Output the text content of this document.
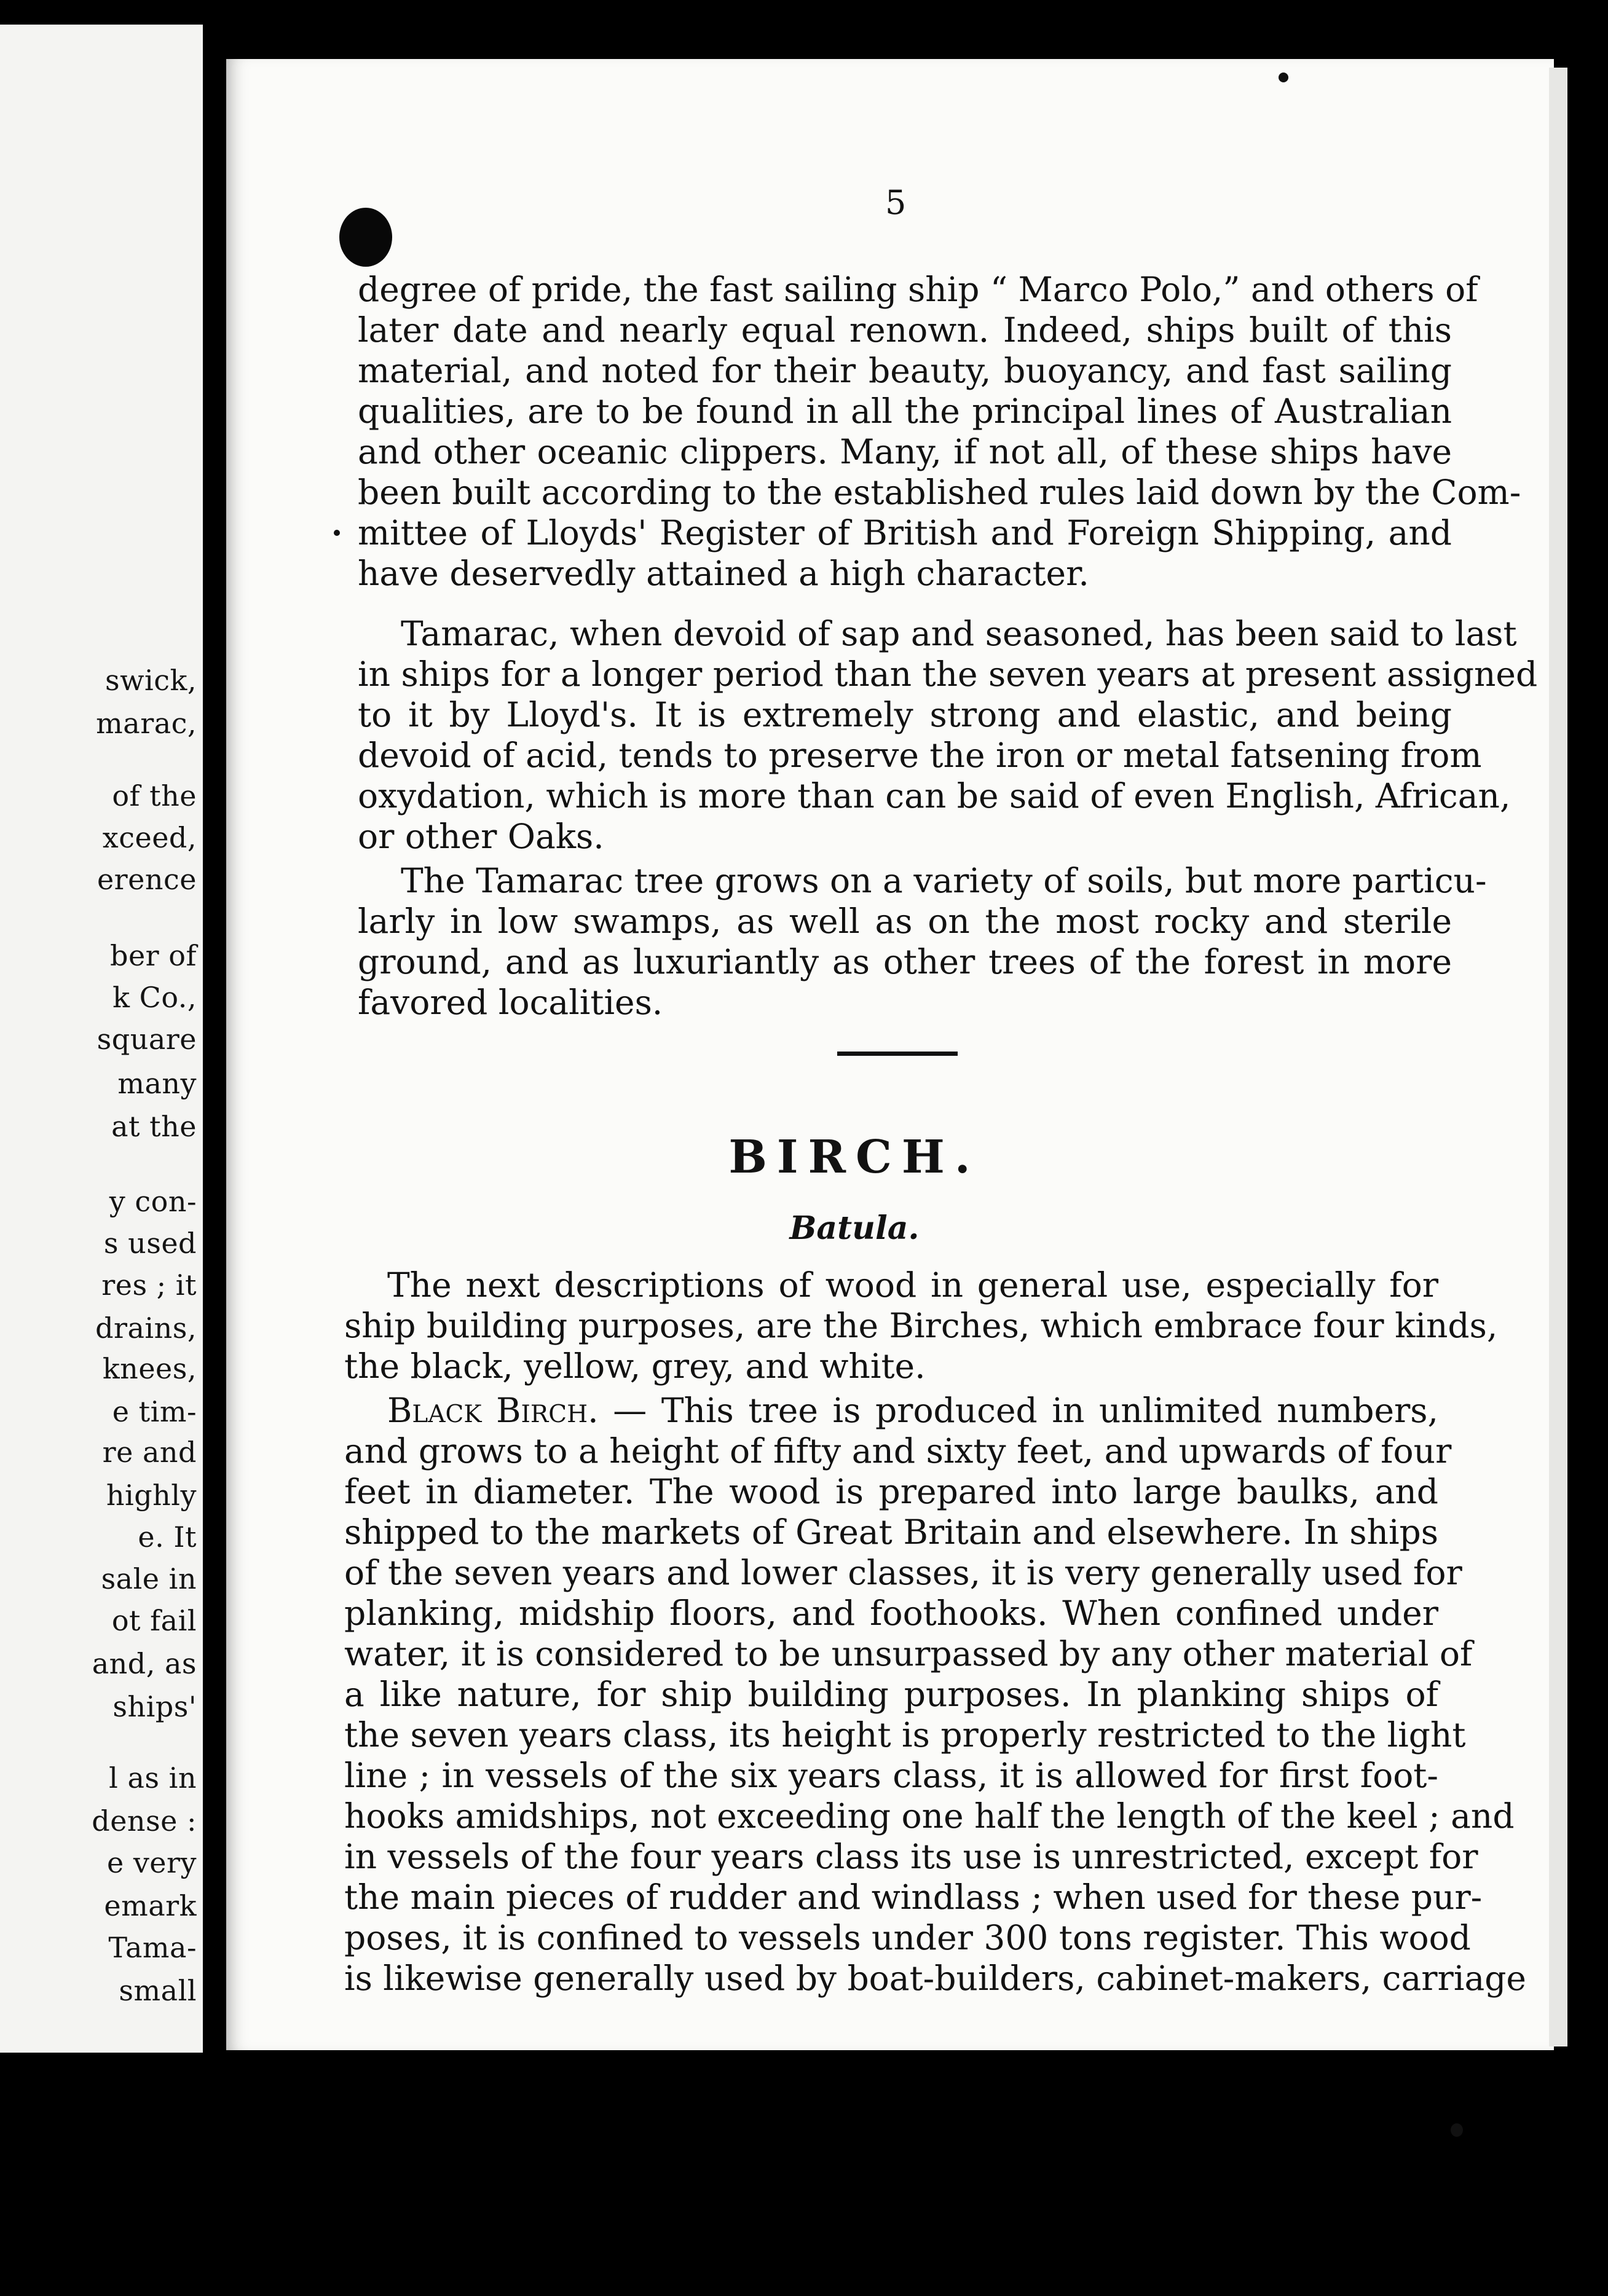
swick,
marac,
of the
xceed,
erence
ber of
k Co.,
square
many
at the
y con-
s used
res ; it
drains,
knees,
e tim-
re and
highly
e. It
sale in
ot fail
and, as
ships'
l as in
dense :
e very
emark
Tama-
small
5
degree of pride, the fast sailing ship “ Marco Polo,” and others of
later date and nearly equal renown. Indeed, ships built of this
material, and noted for their beauty, buoyancy, and fast sailing
qualities, are to be found in all the principal lines of Australian
and other oceanic clippers. Many, if not all, of these ships have
been built according to the established rules laid down by the Com-
mittee of Lloyds' Register of British and Foreign Shipping, and
have deservedly attained a high character.
Tamarac, when devoid of sap and seasoned, has been said to last
in ships for a longer period than the seven years at present assigned
to it by Lloyd's. It is extremely strong and elastic, and being
devoid of acid, tends to preserve the iron or metal fatsening from
oxydation, which is more than can be said of even English, African,
or other Oaks.
The Tamarac tree grows on a variety of soils, but more particu-
larly in low swamps, as well as on the most rocky and sterile
ground, and as luxuriantly as other trees of the forest in more
favored localities.
The next descriptions of wood in general use, especially for
ship building purposes, are the Birches, which embrace four kinds,
the black, yellow, grey, and white.
Black Birch. — This tree is produced in unlimited numbers,
and grows to a height of fifty and sixty feet, and upwards of four
feet in diameter. The wood is prepared into large baulks, and
shipped to the markets of Great Britain and elsewhere. In ships
of the seven years and lower classes, it is very generally used for
planking, midship floors, and foothooks. When confined under
water, it is considered to be unsurpassed by any other material of
a like nature, for ship building purposes. In planking ships of
the seven years class, its height is properly restricted to the light
line ; in vessels of the six years class, it is allowed for first foot-
hooks amidships, not exceeding one half the length of the keel ; and
in vessels of the four years class its use is unrestricted, except for
the main pieces of rudder and windlass ; when used for these pur-
poses, it is confined to vessels under 300 tons register. This wood
is likewise generally used by boat-builders, cabinet-makers, carriage
BIRCH.
Batula.
